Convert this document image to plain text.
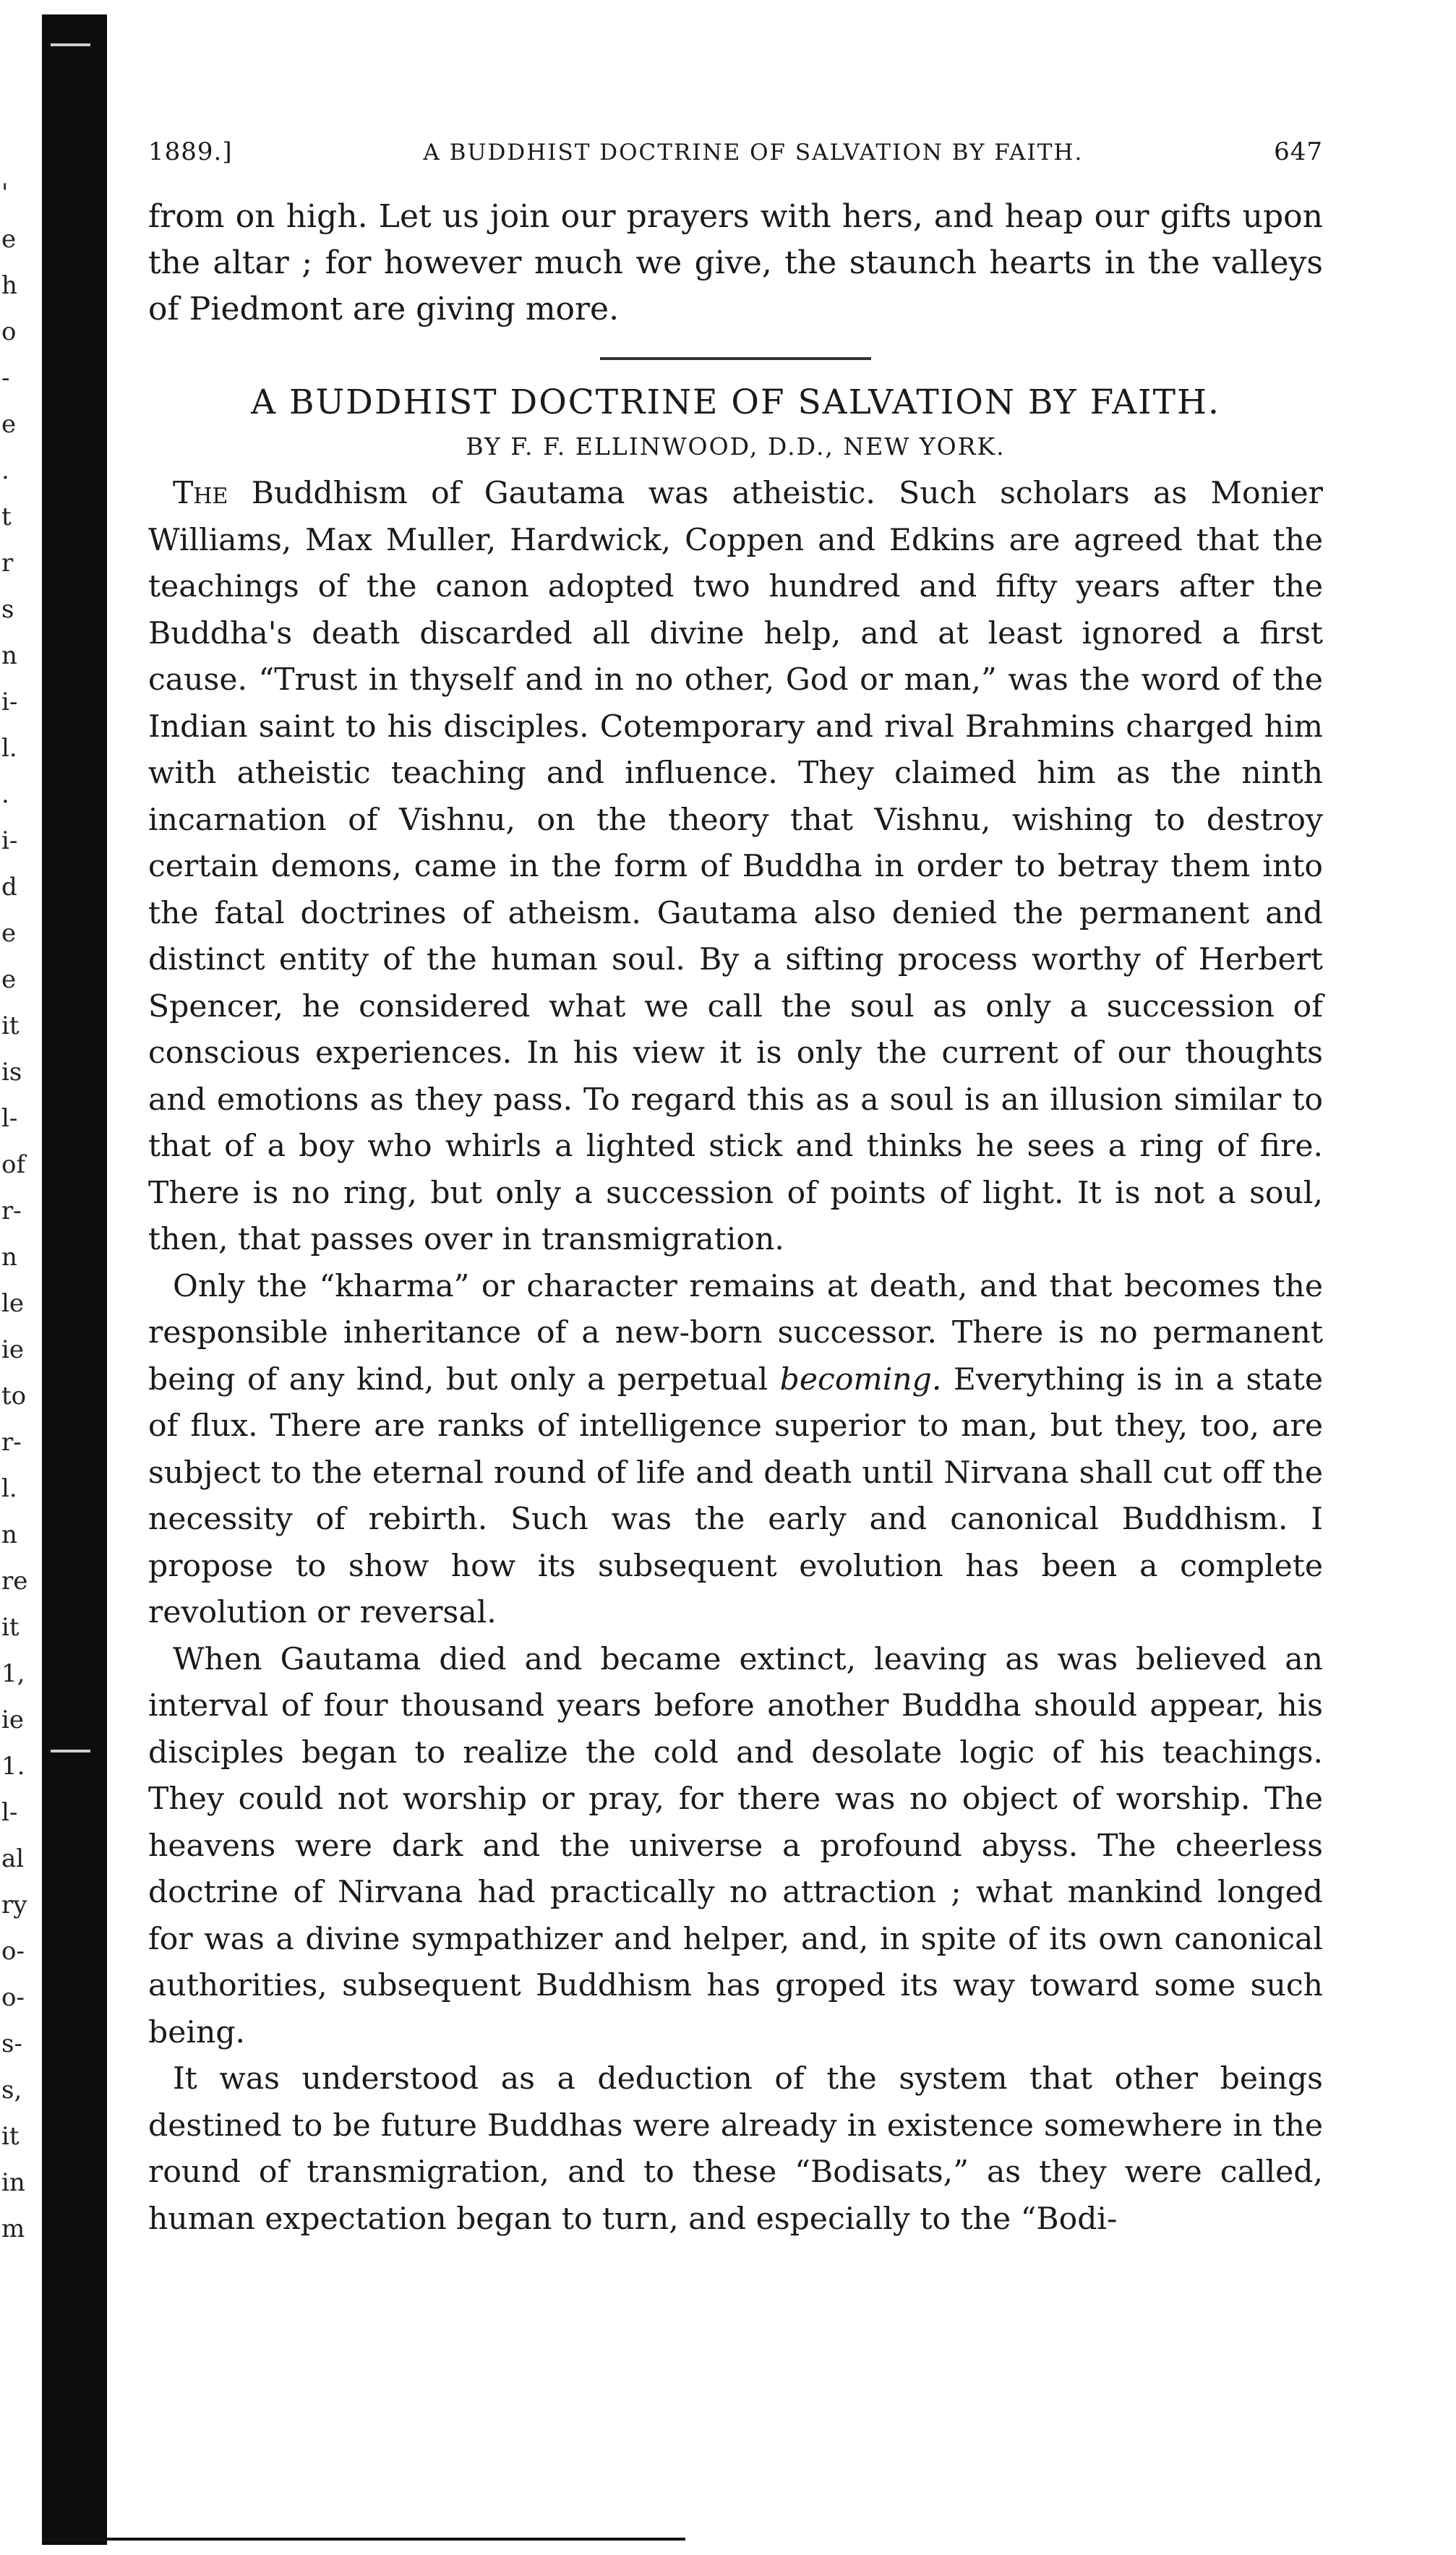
'
e
h
o
-
e
.
t
r
s
n
i-
l.
.
i-
d
e
e
it
is
l-
of
r-
n
le
ie
to
r-
l.
n
re
it
1,
ie
1.
l-
al
ry
o-
o-
s-
s,
it
in
m
1889.]	A BUDDHIST DOCTRINE OF SALVATION BY FAITH.	647
from on high. Let us join our prayers with hers, and heap our gifts upon the altar ; for however much we give, the staunch hearts in the valleys of Piedmont are giving more.
A BUDDHIST DOCTRINE OF SALVATION BY FAITH.
BY F. F. ELLINWOOD, D.D., NEW YORK.

The Buddhism of Gautama was atheistic. Such scholars as Monier Williams, Max Muller, Hardwick, Coppen and Edkins are agreed that the teachings of the canon adopted two hundred and fifty years after the Buddha's death discarded all divine help, and at least ignored a first cause. “Trust in thyself and in no other, God or man,” was the word of the Indian saint to his disciples. Cotemporary and rival Brahmins charged him with atheistic teaching and influence. They claimed him as the ninth incarnation of Vishnu, on the theory that Vishnu, wishing to destroy certain demons, came in the form of Buddha in order to betray them into the fatal doctrines of atheism. Gautama also denied the permanent and distinct entity of the human soul. By a sifting process worthy of Herbert Spencer, he considered what we call the soul as only a succession of conscious experiences. In his view it is only the current of our thoughts and emotions as they pass. To regard this as a soul is an illusion similar to that of a boy who whirls a lighted stick and thinks he sees a ring of fire. There is no ring, but only a succession of points of light. It is not a soul, then, that passes over in transmigration.

Only the “kharma” or character remains at death, and that becomes the responsible inheritance of a new-born successor. There is no permanent being of any kind, but only a perpetual becoming. Everything is in a state of flux. There are ranks of intelligence superior to man, but they, too, are subject to the eternal round of life and death until Nirvana shall cut off the necessity of rebirth. Such was the early and canonical Buddhism. I propose to show how its subsequent evolution has been a complete revolution or reversal.

When Gautama died and became extinct, leaving as was believed an interval of four thousand years before another Buddha should appear, his disciples began to realize the cold and desolate logic of his teachings. They could not worship or pray, for there was no object of worship. The heavens were dark and the universe a profound abyss. The cheerless doctrine of Nirvana had practically no attraction ; what mankind longed for was a divine sympathizer and helper, and, in spite of its own canonical authorities, subsequent Buddhism has groped its way toward some such being.

It was understood as a deduction of the system that other beings destined to be future Buddhas were already in existence somewhere in the round of transmigration, and to these “Bodisats,” as they were called, human expectation began to turn, and especially to the “Bodi-
